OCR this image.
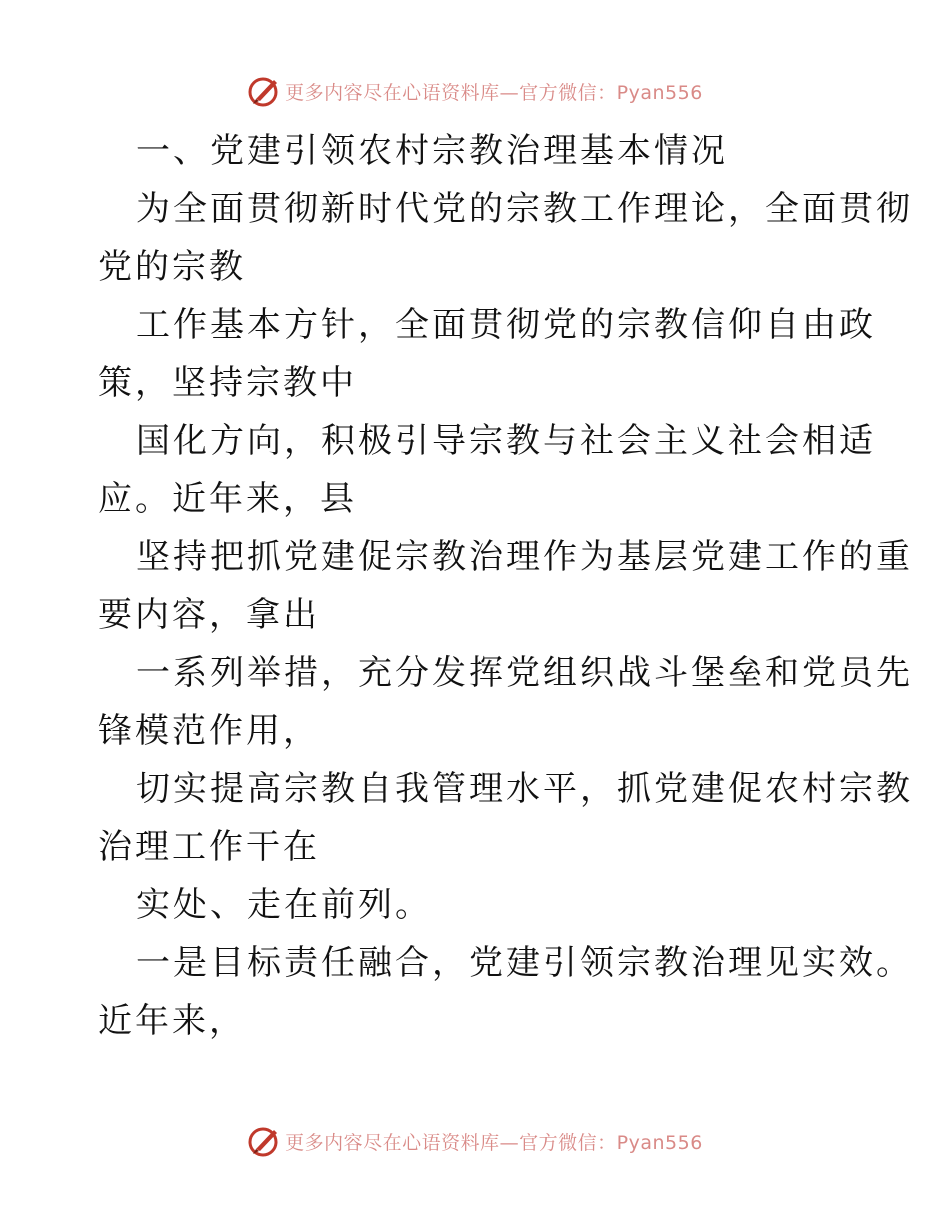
更多内容尽在心语资料库—官方微信：Pyan556
一、党建引领农村宗教治理基本情况
为全面贯彻新时代党的宗教工作理论，全面贯彻
党的宗教
工作基本方针，全面贯彻党的宗教信仰自由政
策，坚持宗教中
国化方向，积极引导宗教与社会主义社会相适
应。近年来，县
坚持把抓党建促宗教治理作为基层党建工作的重
要内容，拿出
一系列举措，充分发挥党组织战斗堡垒和党员先
锋模范作用，
切实提高宗教自我管理水平，抓党建促农村宗教
治理工作干在
实处、走在前列。
一是目标责任融合，党建引领宗教治理见实效。
近年来，
更多内容尽在心语资料库—官方微信：Pyan556
